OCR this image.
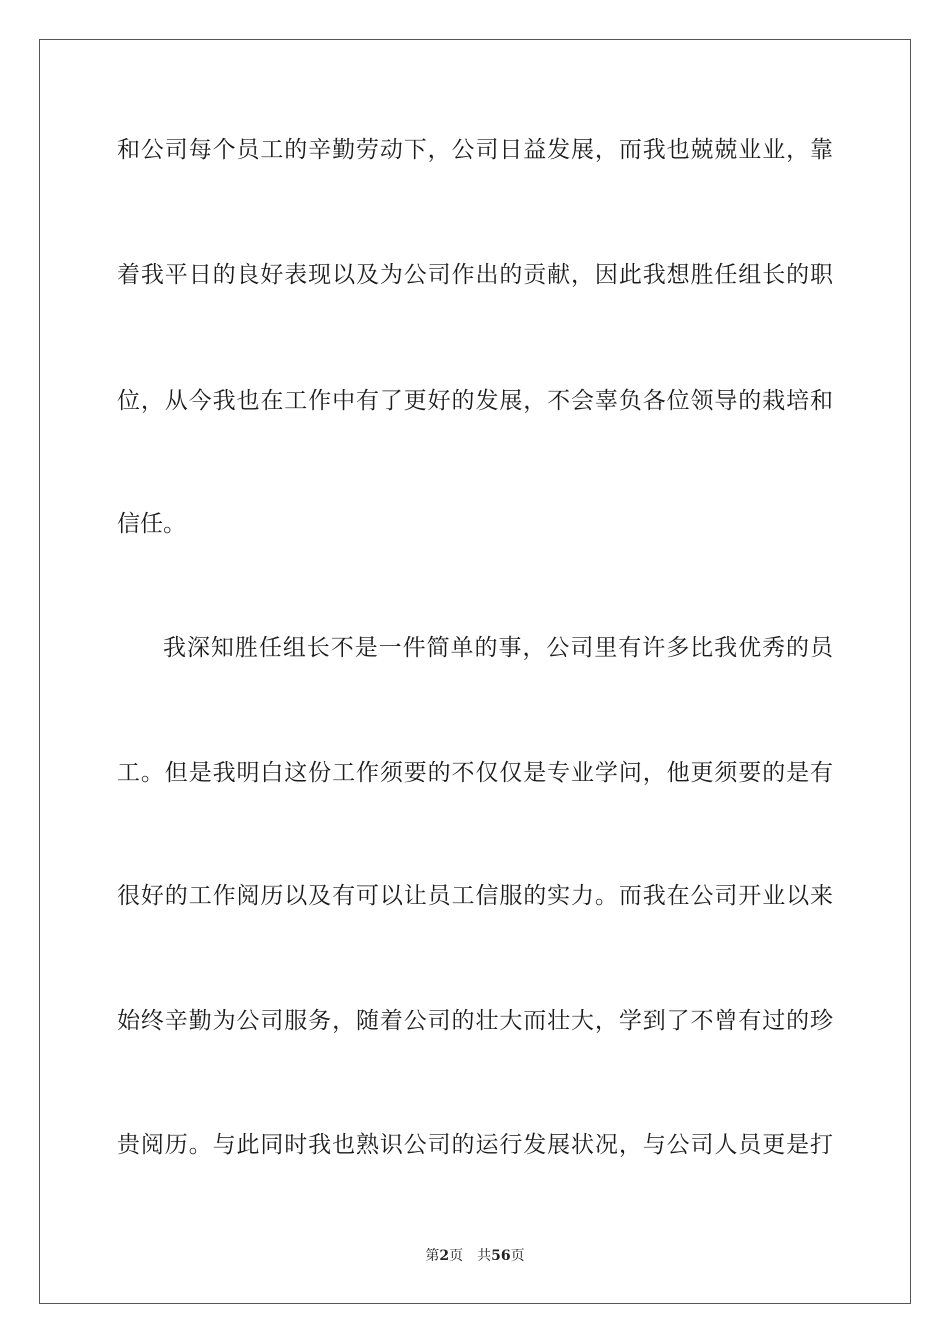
和公司每个员工的辛勤劳动下，公司日益发展，而我也兢兢业业，靠
着我平日的良好表现以及为公司作出的贡献，因此我想胜任组长的职
位，从今我也在工作中有了更好的发展，不会辜负各位领导的栽培和
信任。
我深知胜任组长不是一件简单的事，公司里有许多比我优秀的员
工。但是我明白这份工作须要的不仅仅是专业学问，他更须要的是有
很好的工作阅历以及有可以让员工信服的实力。而我在公司开业以来
始终辛勤为公司服务，随着公司的壮大而壮大，学到了不曾有过的珍
贵阅历。与此同时我也熟识公司的运行发展状况，与公司人员更是打
第2页 共56页
